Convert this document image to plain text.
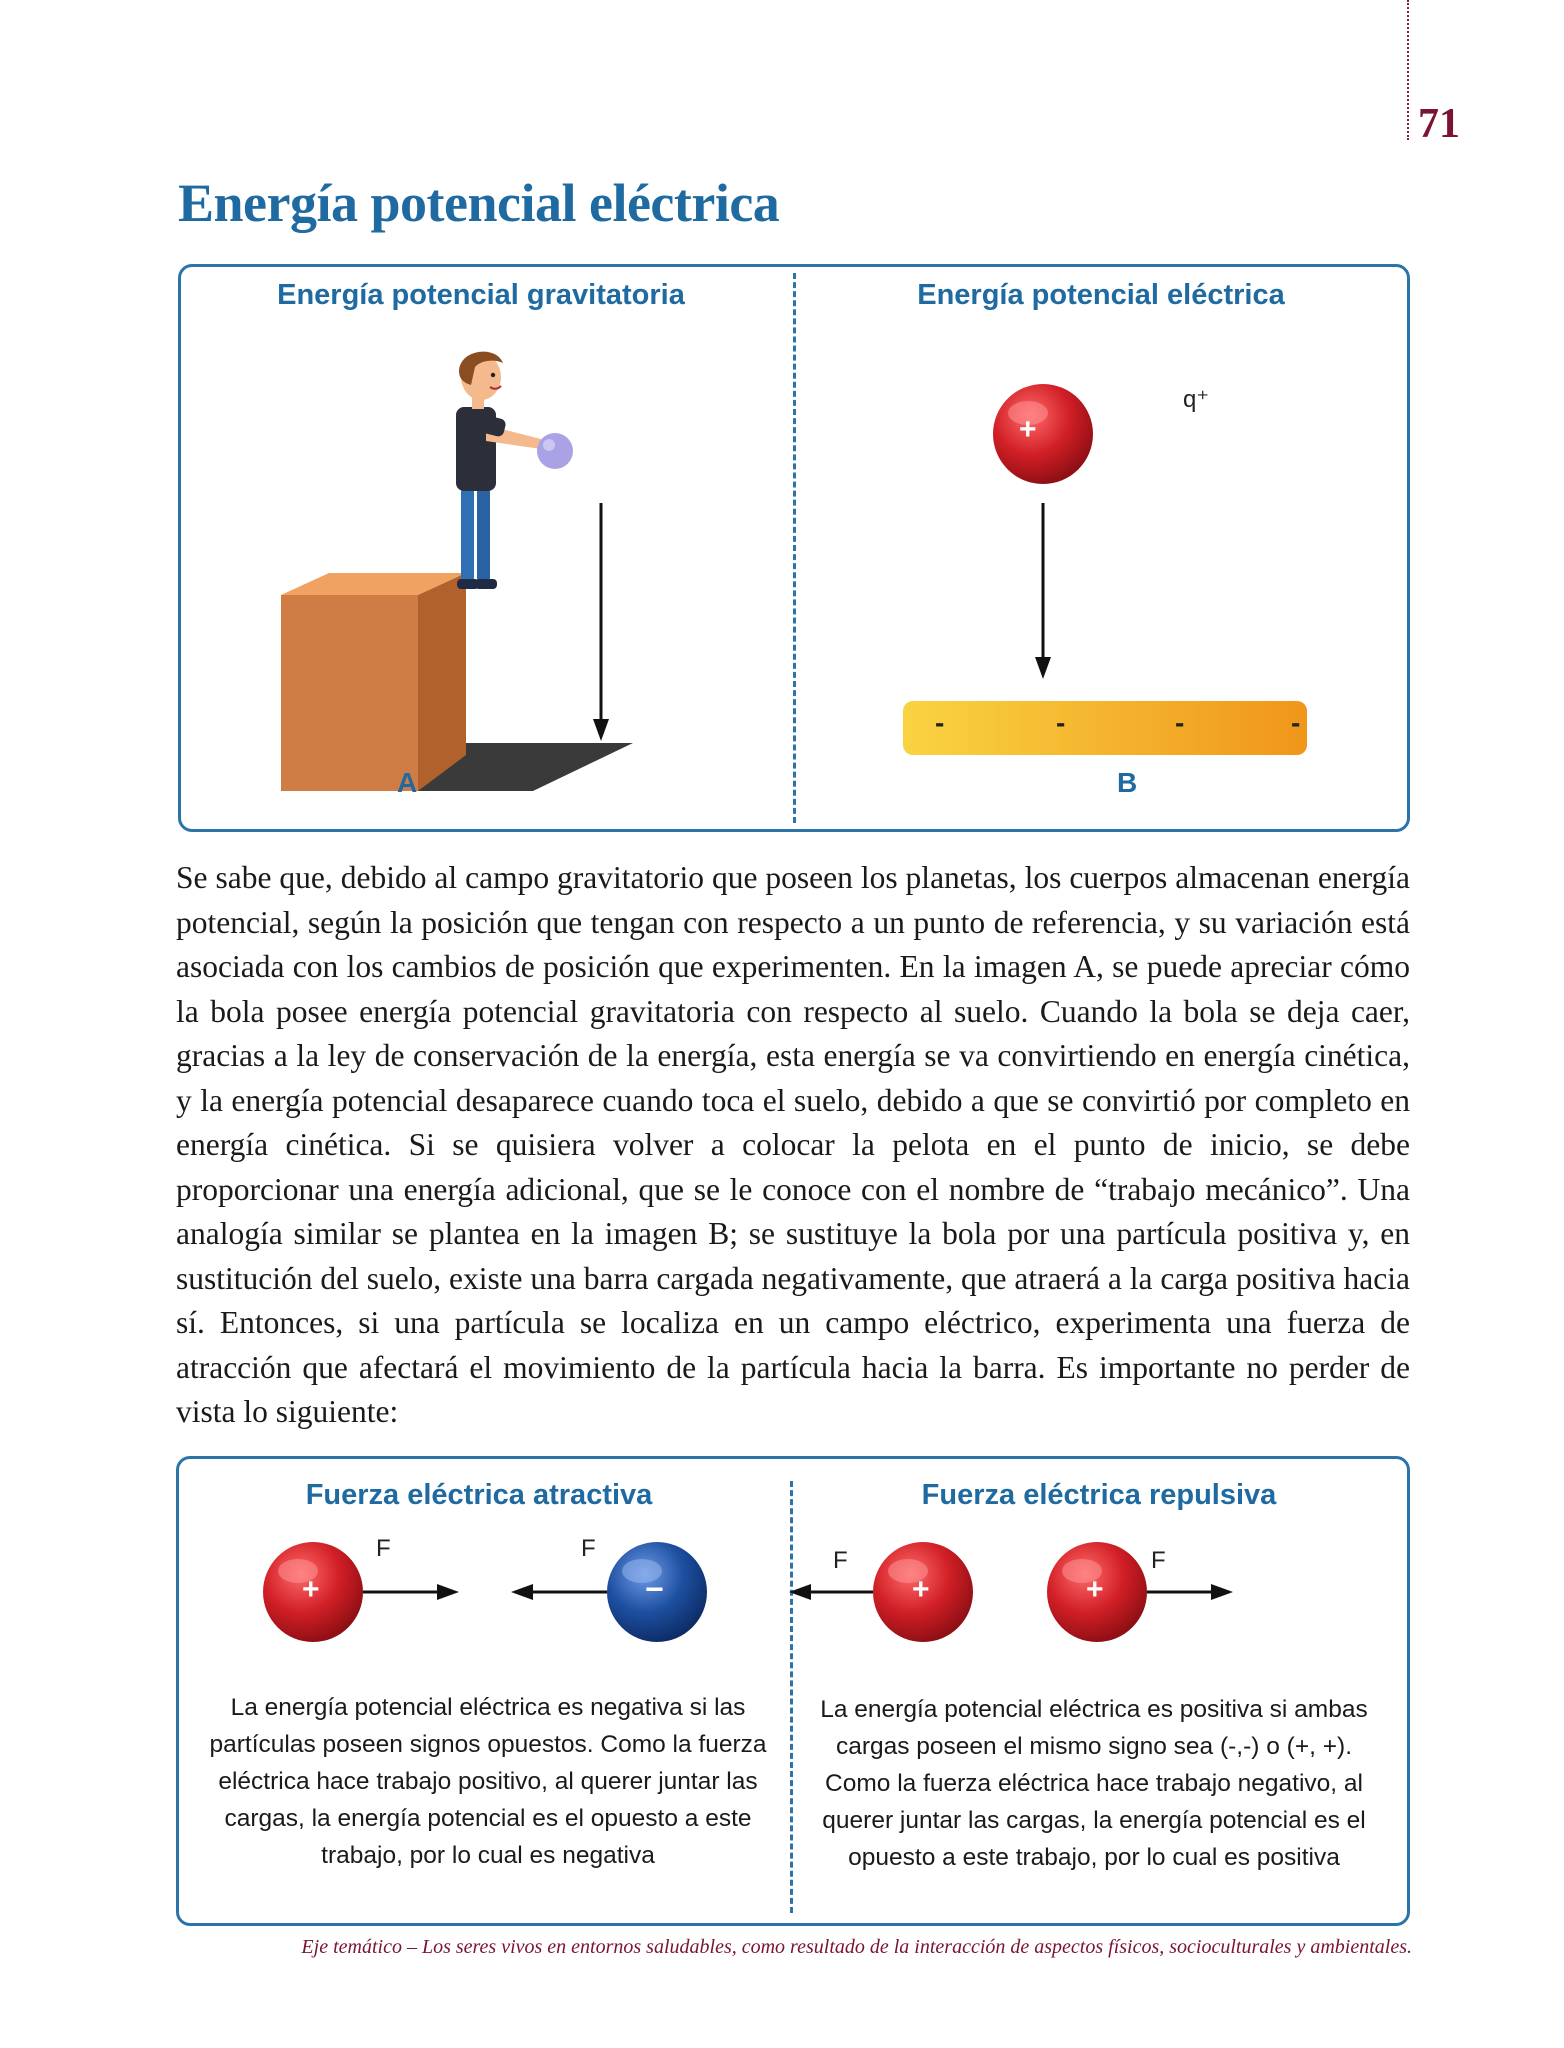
71
Energía potencial eléctrica
Energía potencial gravitatoria	Energía potencial eléctrica
A
+
q⁺
-	-	-	-
B

Se sabe que, debido al campo gravitatorio que poseen los planetas, los cuerpos almacenan energía potencial, según la posición que tengan con respecto a un punto de referencia, y su variación está asociada con los cambios de posición que experimenten. En la imagen A, se puede apreciar cómo la bola posee energía potencial gravitatoria con respecto al suelo. Cuando la bola se deja caer, gracias a la ley de conservación de la energía, esta energía se va convirtiendo en energía cinética, y la energía potencial desaparece cuando toca el suelo, debido a que se convirtió por completo en energía cinética. Si se quisiera volver a colocar la pelota en el punto de inicio, se debe proporcionar una energía adicional, que se le conoce con el nombre de “trabajo mecánico”. Una analogía similar se plantea en la imagen B; se sustituye la bola por una partícula positiva y, en sustitución del suelo, existe una barra cargada negativamente, que atraerá a la carga positiva hacia sí. Entonces, si una partícula se localiza en un campo eléctrico, experimenta una fuerza de atracción que afectará el movimiento de la partícula hacia la barra. Es importante no perder de vista lo siguiente:

Fuerza eléctrica atractiva	Fuerza eléctrica repulsiva
+	−	+	+
F	F	F	F

La energía potencial eléctrica es negativa si las partículas poseen signos opuestos. Como la fuerza eléctrica hace trabajo positivo, al querer juntar las cargas, la energía potencial es el opuesto a este trabajo, por lo cual es negativa

La energía potencial eléctrica es positiva si ambas cargas poseen el mismo signo sea (-,-) o (+, +). Como la fuerza eléctrica hace trabajo negativo, al querer juntar las cargas, la energía potencial es el opuesto a este trabajo, por lo cual es positiva

Eje temático – Los seres vivos en entornos saludables, como resultado de la interacción de aspectos físicos, socioculturales y ambientales.
